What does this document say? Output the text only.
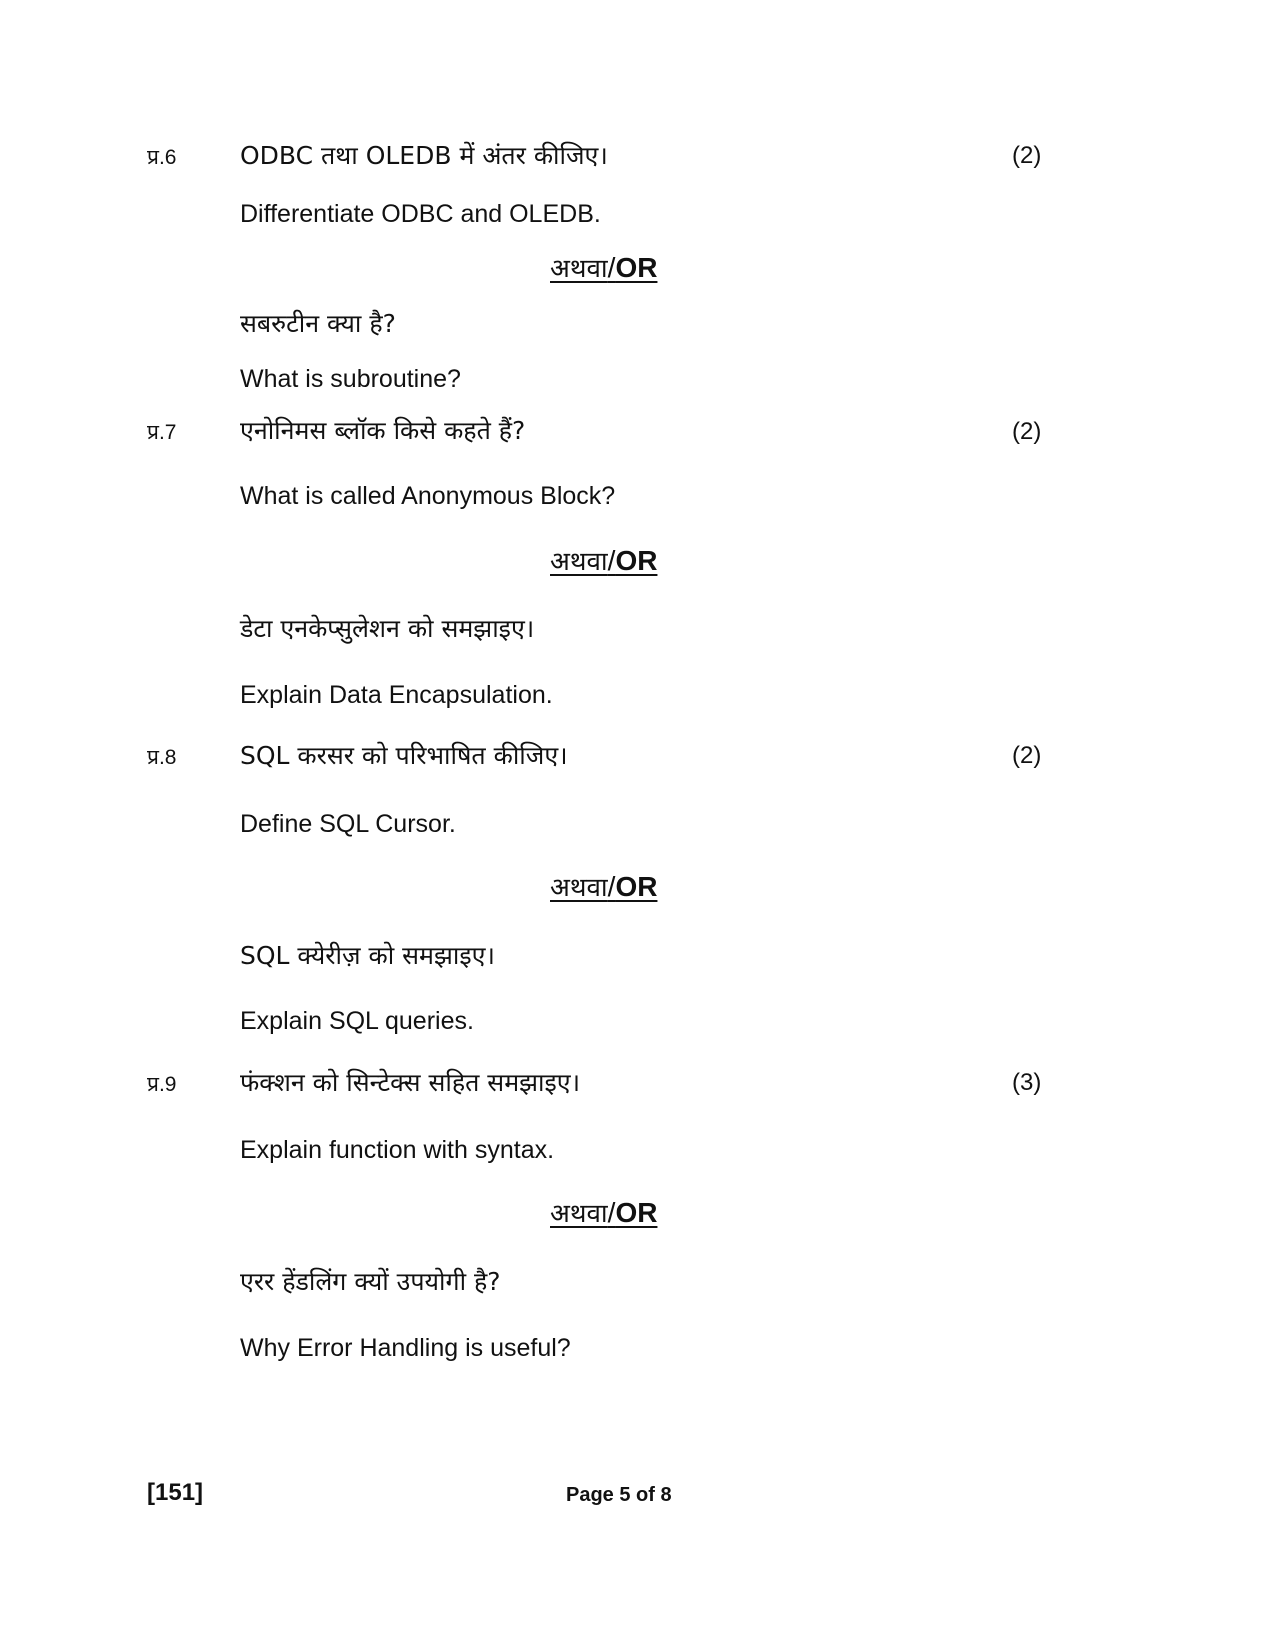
प्र.6	ODBC तथा OLEDB में अंतर कीजिए।	(2)
Differentiate ODBC and OLEDB.
अथवा/OR
सबरुटीन क्या है?
What is subroutine?
प्र.7	एनोनिमस ब्लॉक किसे कहते हैं?	(2)
What is called Anonymous Block?
अथवा/OR
डेटा एनकेप्सुलेशन को समझाइए।
Explain Data Encapsulation.
प्र.8	SQL करसर को परिभाषित कीजिए।	(2)
Define SQL Cursor.
अथवा/OR
SQL क्येरीज़ को समझाइए।
Explain SQL queries.
प्र.9	फंक्शन को सिन्टेक्स सहित समझाइए।	(3)
Explain function with syntax.
अथवा/OR
एरर हेंडलिंग क्यों उपयोगी है?
Why Error Handling is useful?
[151]	Page 5 of 8
